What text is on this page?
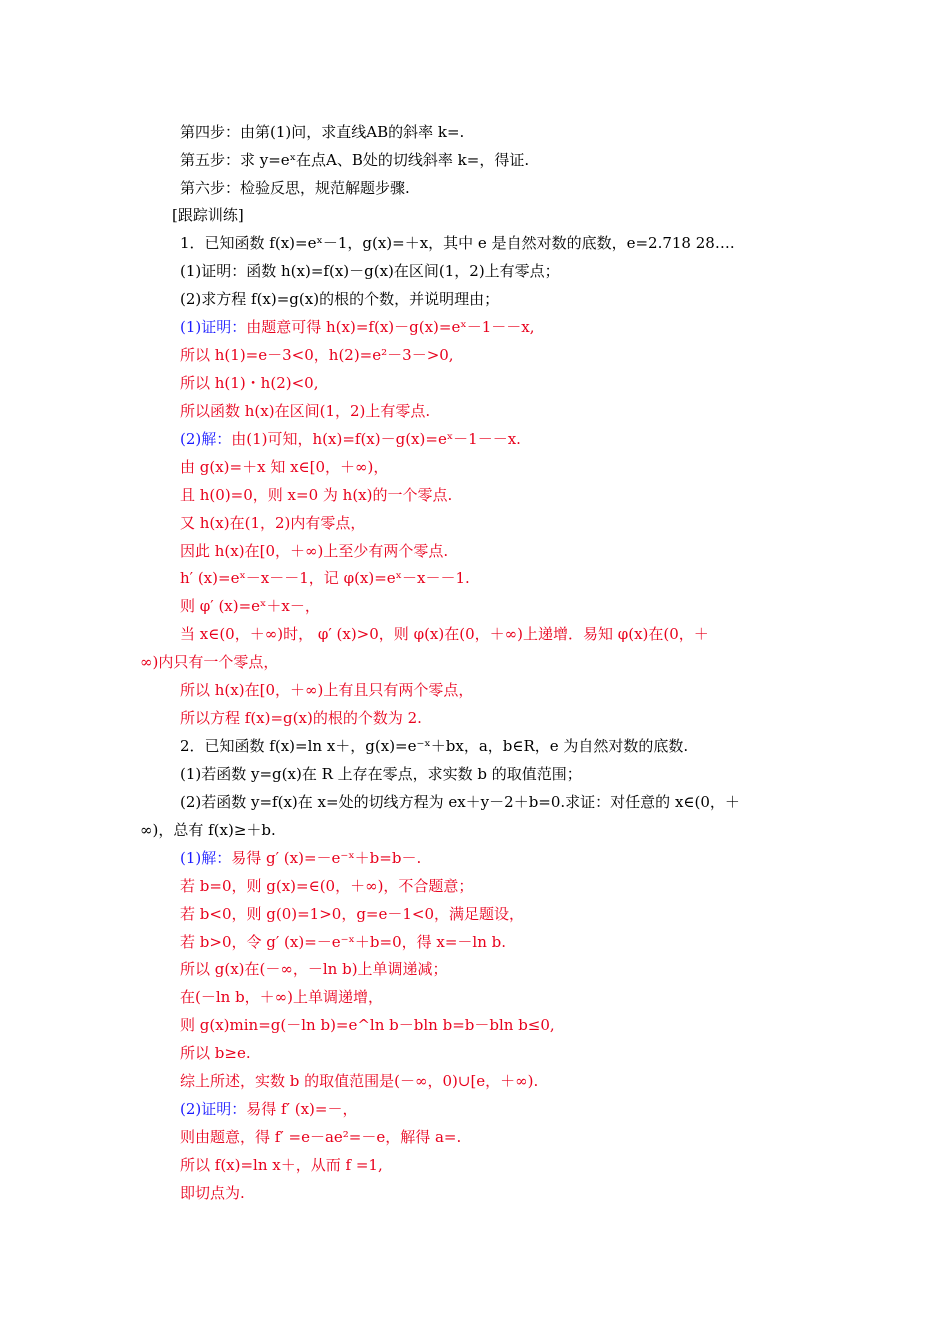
第四步：由第(1)问，求直线AB的斜率 k=.
第五步：求 y=eˣ在点A、B处的切线斜率 k=，得证.
第六步：检验反思，规范解题步骤.
[跟踪训练]
1．已知函数 f(x)=eˣ－1，g(x)=＋x，其中 e 是自然对数的底数，e=2.718 28….
(1)证明：函数 h(x)=f(x)－g(x)在区间(1，2)上有零点；
(2)求方程 f(x)=g(x)的根的个数，并说明理由；
(1)证明：由题意可得 h(x)=f(x)－g(x)=eˣ－1－－x,
所以 h(1)=e－3<0，h(2)=e²－3－>0,
所以 h(1)・h(2)<0,
所以函数 h(x)在区间(1，2)上有零点.
(2)解：由(1)可知，h(x)=f(x)－g(x)=eˣ－1－－x.
由 g(x)=＋x 知 x∈[0，＋∞)，
且 h(0)=0，则 x=0 为 h(x)的一个零点.
又 h(x)在(1，2)内有零点，
因此 h(x)在[0，＋∞)上至少有两个零点.
h′ (x)=eˣ－x－－1，记 φ(x)=eˣ－x－－1.
则 φ′ (x)=eˣ＋x－，
当 x∈(0，＋∞)时， φ′ (x)>0，则 φ(x)在(0，＋∞)上递增．易知 φ(x)在(0，＋
∞)内只有一个零点，
所以 h(x)在[0，＋∞)上有且只有两个零点，
所以方程 f(x)=g(x)的根的个数为 2.
2．已知函数 f(x)=ln x＋，g(x)=e⁻ˣ＋bx，a，b∈R，e 为自然对数的底数.
(1)若函数 y=g(x)在 R 上存在零点，求实数 b 的取值范围；
(2)若函数 y=f(x)在 x=处的切线方程为 ex＋y－2＋b=0.求证：对任意的 x∈(0，＋
∞)，总有 f(x)≥＋b.
(1)解：易得 g′ (x)=－e⁻ˣ＋b=b－.
若 b=0，则 g(x)=∈(0，＋∞)，不合题意；
若 b<0，则 g(0)=1>0，g=e－1<0，满足题设，
若 b>0，令 g′ (x)=－e⁻ˣ＋b=0，得 x=－ln b.
所以 g(x)在(－∞，－ln b)上单调递减；
在(－ln b，＋∞)上单调递增，
则 g(x)min=g(－ln b)=e^ln b－bln b=b－bln b≤0,
所以 b≥e.
综上所述，实数 b 的取值范围是(－∞，0)∪[e，＋∞).
(2)证明：易得 f′ (x)=－，
则由题意，得 f′ =e－ae²=－e，解得 a=.
所以 f(x)=ln x＋，从而 f =1,
即切点为.
